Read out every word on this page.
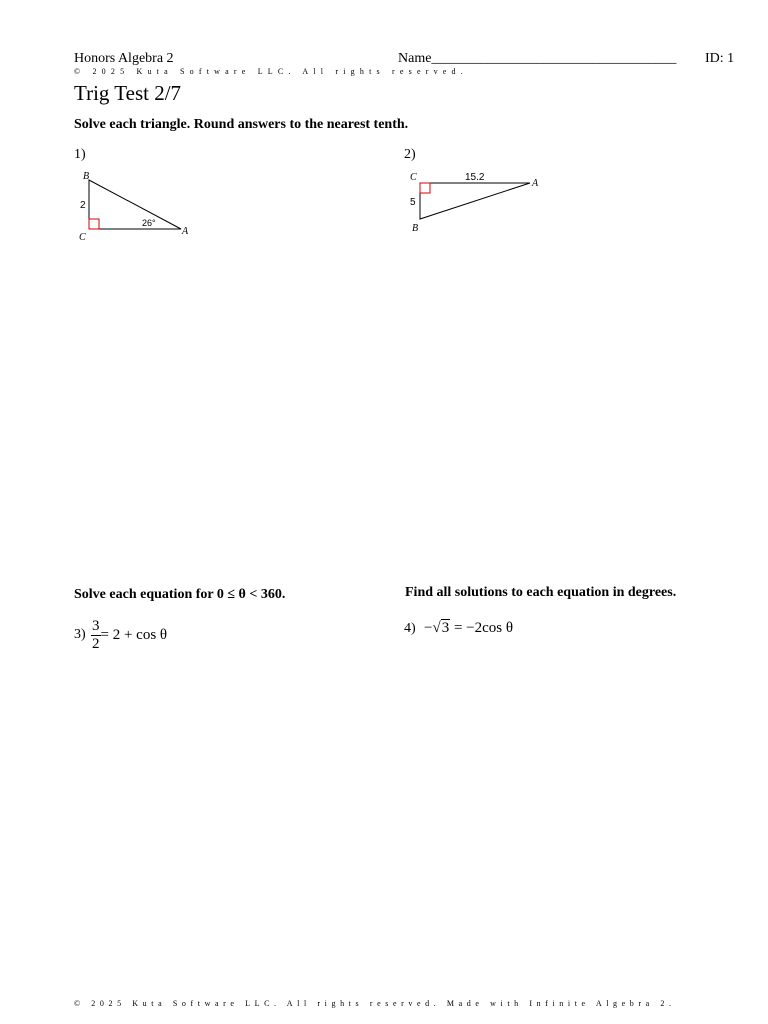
Honors Algebra 2	Name___________________________________ ID: 1
© 2025 Kuta Software LLC. All rights reserved.
Trig Test 2/7
Solve each triangle. Round answers to the nearest tenth.
1)
B
C
A
2
26°
2)
C
A
B
15.2
5
Solve each equation for 0 ≤ θ < 360.
$3) \frac{3}{2} = 2 + \cos \theta$
Find all solutions to each equation in degrees.
4) −√3 = −2cos θ
© 2025 Kuta Software LLC. All rights reserved. Made with Infinite Algebra 2.
